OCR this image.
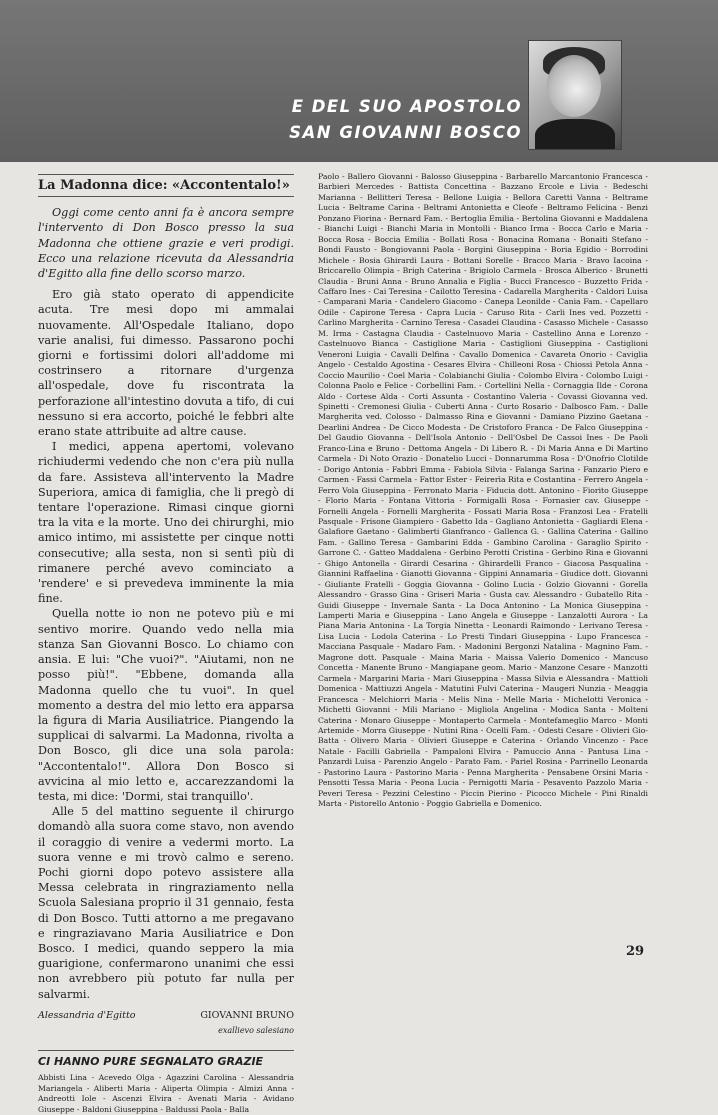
E DEL SUO APOSTOLO
SAN GIOVANNI BOSCO
La Madonna dice: «Accontentalo!»

Oggi come cento anni fa è ancora sempre l'intervento di Don Bosco presso la sua Madonna che ottiene grazie e veri prodigi. Ecco una relazione ricevuta da Alessandria d'Egitto alla fine dello scorso marzo.

Ero già stato operato di appendicite acuta. Tre mesi dopo mi ammalai nuovamente. All'Ospedale Italiano, dopo varie analisi, fui dimesso. Passarono pochi giorni e fortissimi dolori all'addome mi costrinsero a ritornare d'urgenza all'ospedale, dove fu riscontrata la perforazione all'intestino dovuta a tifo, di cui nessuno si era accorto, poiché le febbri alte erano state attribuite ad altre cause.

I medici, appena apertomi, volevano richiudermi vedendo che non c'era più nulla da fare. Assisteva all'intervento la Madre Superiora, amica di famiglia, che li pregò di tentare l'operazione. Rimasi cinque giorni tra la vita e la morte. Uno dei chirurghi, mio amico intimo, mi assistette per cinque notti consecutive; alla sesta, non si sentì più di rimanere perché avevo cominciato a 'rendere' e si prevedeva imminente la mia fine.

Quella notte io non ne potevo più e mi sentivo morire. Quando vedo nella mia stanza San Giovanni Bosco. Lo chiamo con ansia. E lui: "Che vuoi?". "Aiutami, non ne posso più!". "Ebbene, domanda alla Madonna quello che tu vuoi". In quel momento a destra del mio letto era apparsa la figura di Maria Ausiliatrice. Piangendo la supplicai di salvarmi. La Madonna, rivolta a Don Bosco, gli dice una sola parola: "Accontentalo!". Allora Don Bosco si avvicina al mio letto e, accarezzandomi la testa, mi dice: 'Dormi, stai tranquillo'.

Alle 5 del mattino seguente il chirurgo domandò alla suora come stavo, non avendo il coraggio di venire a vedermi morto. La suora venne e mi trovò calmo e sereno. Pochi giorni dopo potevo assistere alla Messa celebrata in ringraziamento nella Scuola Salesiana proprio il 31 gennaio, festa di Don Bosco. Tutti attorno a me pregavano e ringraziavano Maria Ausiliatrice e Don Bosco. I medici, quando seppero la mia guarigione, confermarono unanimi che essi non avrebbero più potuto far nulla per salvarmi.

Alessandria d'Egitto	GIOVANNI BRUNO
exallievo salesiano
CI HANNO PURE SEGNALATO GRAZIE

Abbisti Lina - Acevedo Olga - Agazzini Carolina - Alessandria Mariangela - Aliberti Maria - Aliperta Olimpia - Almizi Anna - Andreotti Iole - Ascenzi Elvira - Avenati Maria - Avidano Giuseppe - Baldoni Giuseppina - Baldussi Paola - Balla

Paolo - Ballero Giovanni - Balosso Giuseppina - Barbarello Marcantonio Francesca - Barbieri Mercedes - Battista Concettina - Bazzano Ercole e Livia - Bedeschi Marianna - Bellitteri Teresa - Bellone Luigia - Bellora Caretti Vanna - Beltrame Lucia - Beltrame Carina - Beltrami Antonietta e Cleofe - Beltramo Felicina - Benzi Ponzano Fiorina - Bernard Fam. - Bertoglia Emilia - Bertolina Giovanni e Maddalena - Bianchi Luigi - Bianchi Maria in Montolli - Bianco Irma - Bocca Carlo e Maria - Bocca Rosa - Boccia Emilia - Bollati Rosa - Bonacina Romana - Bonaiti Stefano - Bondi Fausto - Bongiovanni Paola - Borgini Giuseppina - Boria Egidio - Borrodini Michele - Bosia Ghirardi Laura - Bottani Sorelle - Bracco Maria - Bravo Iacoina - Briccarello Olimpia - Brigh Caterina - Brigiolo Carmela - Brosca Alberico - Brunetti Claudia - Bruni Anna - Bruno Annalia e Figlia - Bucci Francesco - Buzzetto Frida - Caffaro Ines - Cai Teresina - Cailotto Teresina - Cadarella Margherita - Caldori Luisa - Camparani Maria - Candelero Giacomo - Canepa Leonilde - Cania Fam. - Capellaro Odile - Capirone Teresa - Capra Lucia - Caruso Rita - Carli Ines ved. Pozzetti - Carlino Margherita - Carnino Teresa - Casadei Claudina - Casasso Michele - Casasso M. Irma - Castagna Claudia - Castelnuovo Maria - Castellino Anna e Lorenzo - Castelnuovo Bianca - Castiglione Maria - Castiglioni Giuseppina - Castiglioni Veneroni Luigia - Cavalli Delfina - Cavallo Domenica - Cavareta Onorio - Caviglia Angelo - Cestaldo Agostina - Cesares Elvira - Chilleoni Rosa - Chiossi Petola Anna - Coccio Maurilio - Coel Maria - Colabianchi Giulia - Colombo Elvira - Colombo Luigi - Colonna Paolo e Felice - Corbellini Fam. - Cortellini Nella - Cornaggia Ilde - Corona Aldo - Cortese Alda - Corti Assunta - Costantino Valeria - Covassi Giovanna ved. Spinetti - Cremonesi Giulia - Cuberti Anna - Curto Rosario - Dalbosco Fam. - Dalle Margherita ved. Colosso - Dalmasso Rina e Giovanni - Damiano Pizzino Gaetana - Dearlini Andrea - De Cicco Modesta - De Cristoforo Franca - De Falco Giuseppina - Del Gaudio Giovanna - Dell'Isola Antonio - Dell'Osbel De Cassoi Ines - De Paoli Franco-Lina e Bruno - Dettoma Angela - Di Libero R. - Di Maria Anna e Di Martino Carmela - Di Noto Orazio - Donatelio Lucci - Donnarumma Rosa - D'Onofrio Clotilde - Dorigo Antonia - Fabbri Emma - Fabiola Silvia - Falanga Sarina - Fanzario Piero e Carmen - Fassi Carmela - Fattor Ester - Feirerìa Rita e Costantina - Ferrero Angela - Ferro Vola Giuseppina - Ferronato Maria - Fiducia dott. Antonino - Fiorito Giuseppe - Florio Maria - Fontana Vittoria - Formigalli Rosa - Fornasier cav. Giuseppe - Fornelli Angela - Fornelli Margherita - Fossati Maria Rosa - Franzosi Lea - Fratelli Pasquale - Frisone Giampiero - Gabetto Ida - Gagliano Antonietta - Gagliardi Elena - Galafiore Gaetano - Galimberti Gianfranco - Gallenca G. - Gallina Caterina - Gallino Fam. - Gallino Teresa - Gambarini Edda - Gambino Carolina - Garaglio Spirito - Garrone C. - Gatteo Maddalena - Gerbino Perotti Cristina - Gerbino Rina e Giovanni - Ghigo Antonella - Girardi Cesarina - Ghirardelli Franco - Giacosa Pasqualina - Giannini Raffaelina - Gianotti Giovanna - Gippini Annamaria - Giudice dott. Giovanni - Giuliante Fratelli - Goggia Giovanna - Golino Lucia - Golzio Giovanni - Gorella Alessandro - Grasso Gina - Griseri Maria - Gusta cav. Alessandro - Gubatello Rita - Guidi Giuseppe - Invernale Santa - La Doca Antonino - La Monica Giuseppina - Lamperti Maria e Giuseppina - Lano Angela e Giuseppe - Lanzalotti Aurora - La Piana Maria Antonina - La Torgia Ninetta - Leonardi Raimondo - Lerivano Teresa - Lisa Lucia - Lodola Caterina - Lo Presti Tindari Giuseppina - Lupo Francesca - Macciana Pasquale - Madaro Fam. - Madonini Bergonzi Natalina - Magnino Fam. - Magrone dott. Pasquale - Maina Maria - Maissa Valerio Domenico - Mancuso Concetta - Manente Bruno - Mangiapane geom. Mario - Manzone Cesare - Manzotti Carmela - Margarini Maria - Mari Giuseppina - Massa Silvia e Alessandra - Mattioli Domenica - Mattiuzzi Angela - Matutini Fulvi Caterina - Maugeri Nunzia - Meaggia Francesca - Melchiorri Maria - Melis Nina - Melle Maria - Michelotti Veronica - Michetti Giovanni - Mili Mariano - Migliola Angelina - Modica Santa - Molteni Caterina - Monaro Giuseppe - Montaperto Carmela - Montefameglio Marco - Monti Artemide - Morra Giuseppe - Nutini Rina - Ocelli Fam. - Odesti Cesare - Olivieri Gio-Batta - Olivero Maria - Olivieri Giuseppe e Caterina - Orlando Vincenzo - Pace Natale - Facilli Gabriella - Pampaloni Elvira - Pamuccio Anna - Pantusa Lina - Panzardi Luisa - Parenzio Angelo - Parato Fam. - Pariel Rosina - Parrinello Leonarda - Pastorino Laura - Pastorino Maria - Penna Margherita - Pensabene Orsini Maria - Pensotti Tessa Maria - Peona Lucia - Pernigotti Maria - Pesavento Pazzolo Maria - Peveri Teresa - Pezzini Celestino - Piccin Pierino - Picocco Michele - Pini Rinaldi Marta - Pistorello Antonio - Poggio Gabriella e Domenico.

29
